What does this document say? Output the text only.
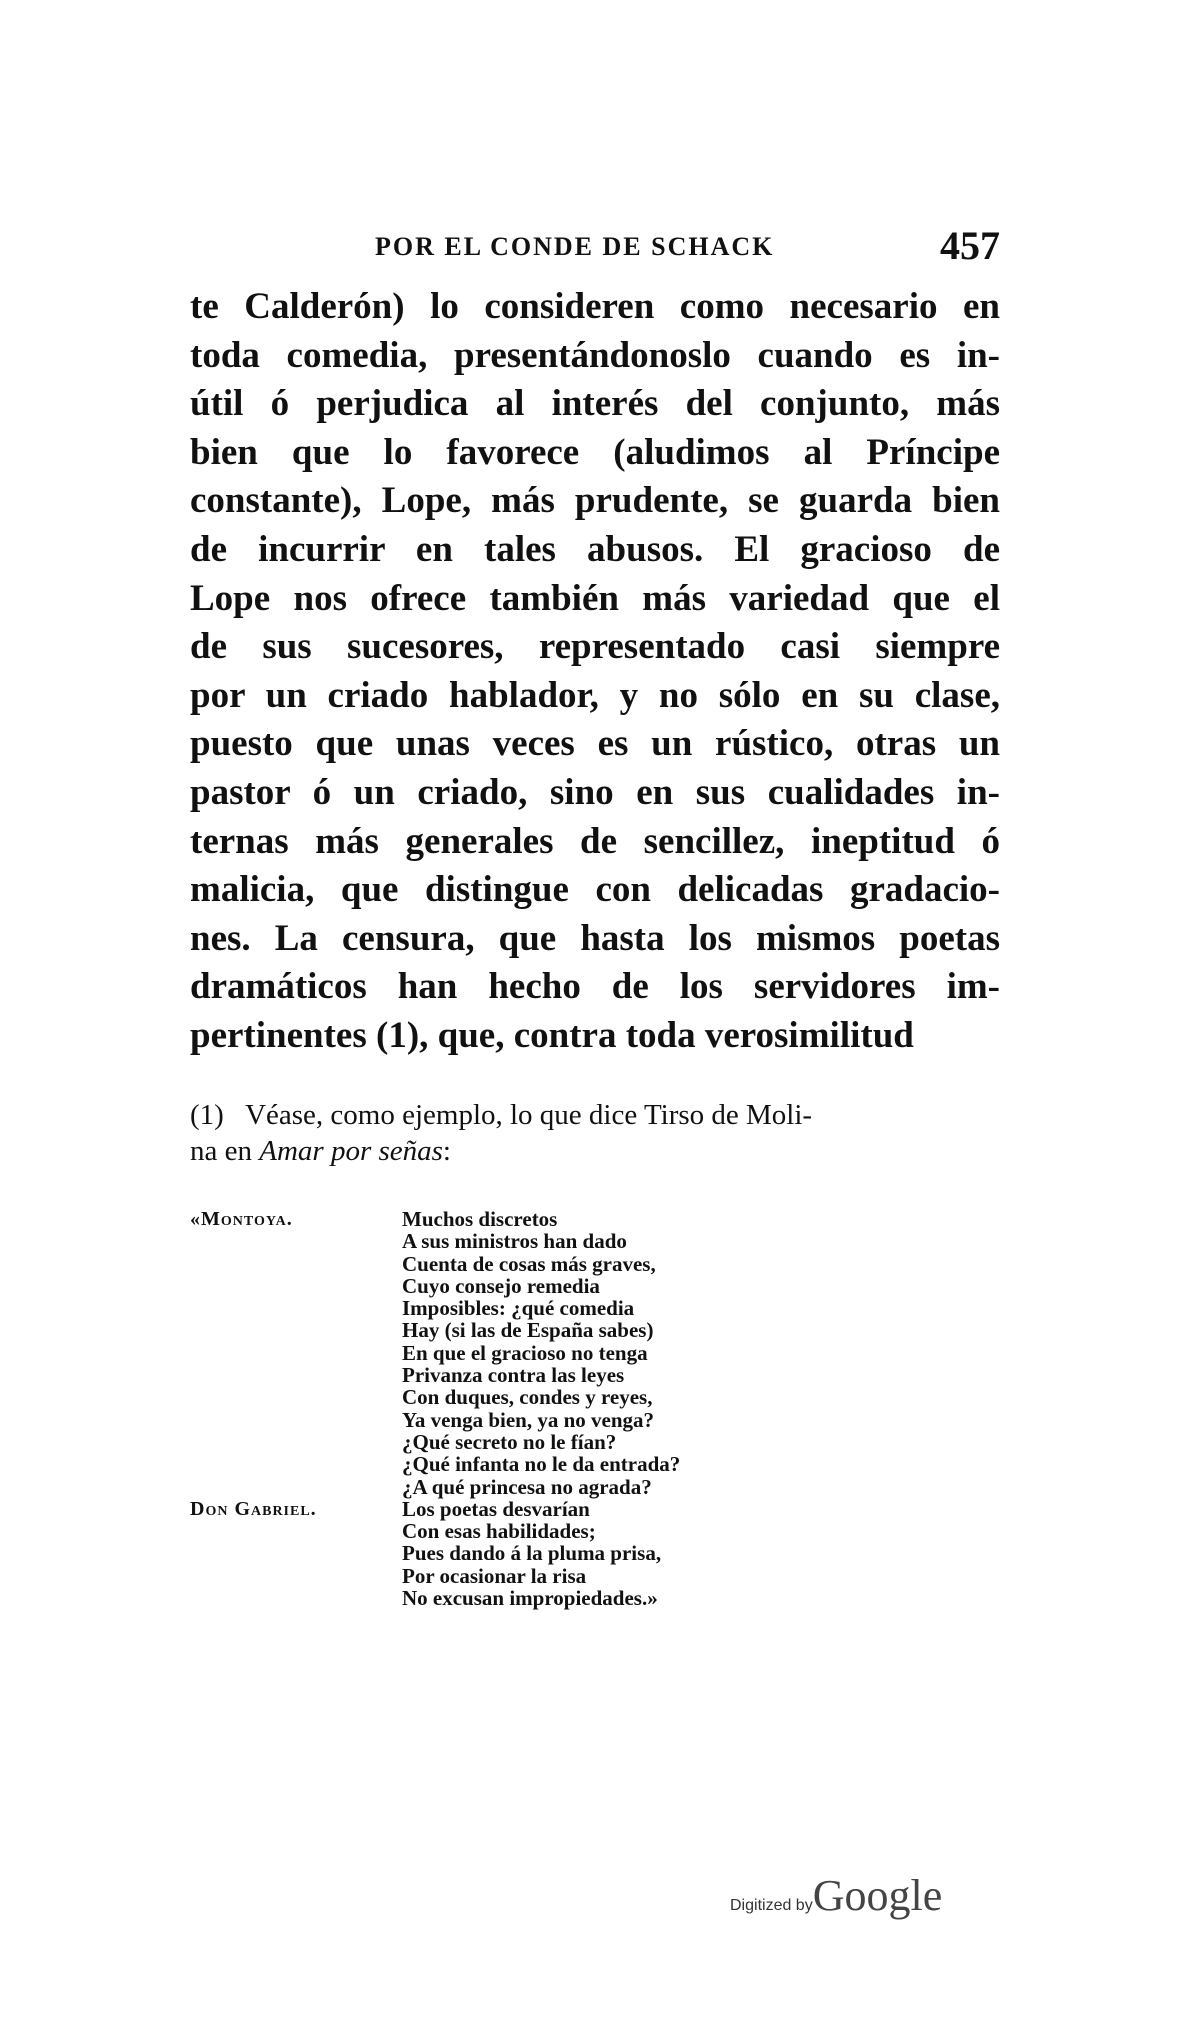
POR EL CONDE DE SCHACK	457
te Calderón) lo consideren como necesario en
toda comedia, presentándonoslo cuando es in-
útil ó perjudica al interés del conjunto, más
bien que lo favorece (aludimos al Príncipe
constante), Lope, más prudente, se guarda bien
de incurrir en tales abusos. El gracioso de
Lope nos ofrece también más variedad que el
de sus sucesores, representado casi siempre
por un criado hablador, y no sólo en su clase,
puesto que unas veces es un rústico, otras un
pastor ó un criado, sino en sus cualidades in-
ternas más generales de sencillez, ineptitud ó
malicia, que distingue con delicadas gradacio-
nes. La censura, que hasta los mismos poetas
dramáticos han hecho de los servidores im-
pertinentes (1), que, contra toda verosimilitud
(1) Véase, como ejemplo, lo que dice Tirso de Moli-
na en Amar por señas:
«Montoya.	Muchos discretos
A sus ministros han dado
Cuenta de cosas más graves,
Cuyo consejo remedia
Imposibles: ¿qué comedia
Hay (si las de España sabes)
En que el gracioso no tenga
Privanza contra las leyes
Con duques, condes y reyes,
Ya venga bien, ya no venga?
¿Qué secreto no le fían?
¿Qué infanta no le da entrada?
¿A qué princesa no agrada?
Don Gabriel.	Los poetas desvarían
Con esas habilidades;
Pues dando á la pluma prisa,
Por ocasionar la risa
No excusan impropiedades.»
Digitized byGoogle
